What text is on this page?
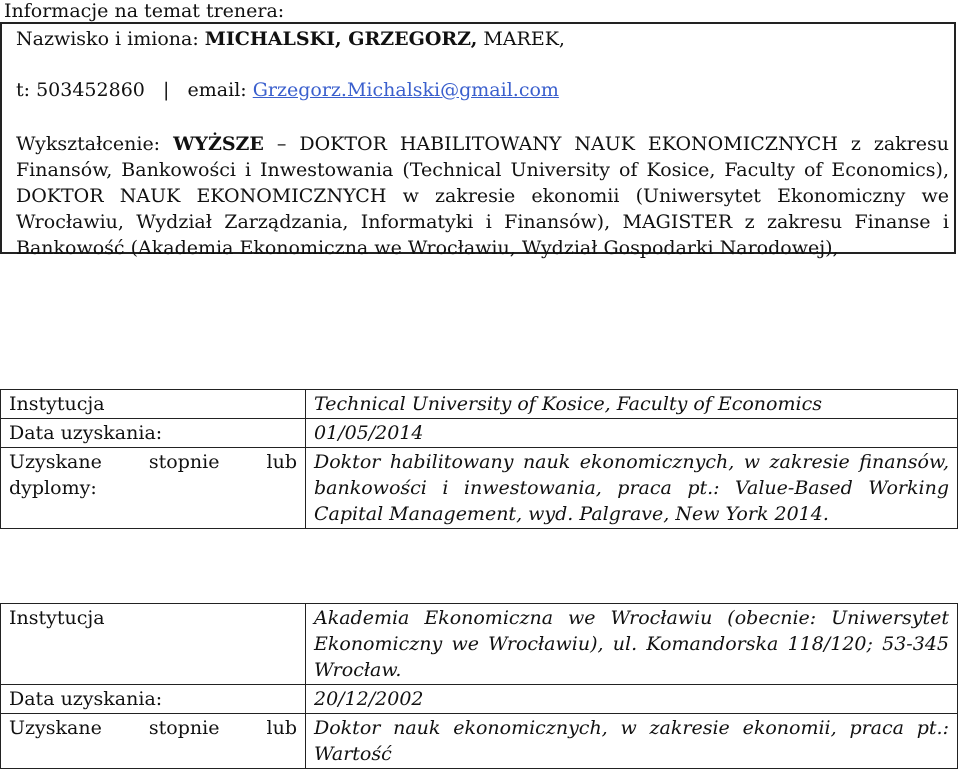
Informacje na temat trenera:
Nazwisko i imiona: MICHALSKI, GRZEGORZ, MAREK,
t: 503452860 | email: Grzegorz.Michalski@gmail.com
Wykształcenie: WYŻSZE – DOKTOR HABILITOWANY NAUK EKONOMICZNYCH z zakresu Finansów, Bankowości i Inwestowania (Technical University of Kosice, Faculty of Economics), DOKTOR NAUK EKONOMICZNYCH w zakresie ekonomii (Uniwersytet Ekonomiczny we Wrocławiu, Wydział Zarządzania, Informatyki i Finansów), MAGISTER z zakresu Finanse i Bankowość (Akademia Ekonomiczna we Wrocławiu, Wydział Gospodarki Narodowej),
Instytucja	Technical University of Kosice, Faculty of Economics
Data uzyskania:	01/05/2014

Uzyskane stopnie lub
dyplomy:	Doktor habilitowany nauk ekonomicznych, w zakresie finansów, bankowości i inwestowania, praca pt.: Value-Based Working Capital Management, wyd. Palgrave, New York 2014.
Instytucja	Akademia Ekonomiczna we Wrocławiu (obecnie: Uniwersytet Ekonomiczny we Wrocławiu), ul. Komandorska 118/120; 53-345 Wrocław.
Data uzyskania:	20/12/2002

Uzyskane stopnie lub	Doktor nauk ekonomicznych, w zakresie ekonomii, praca pt.: Wartość
